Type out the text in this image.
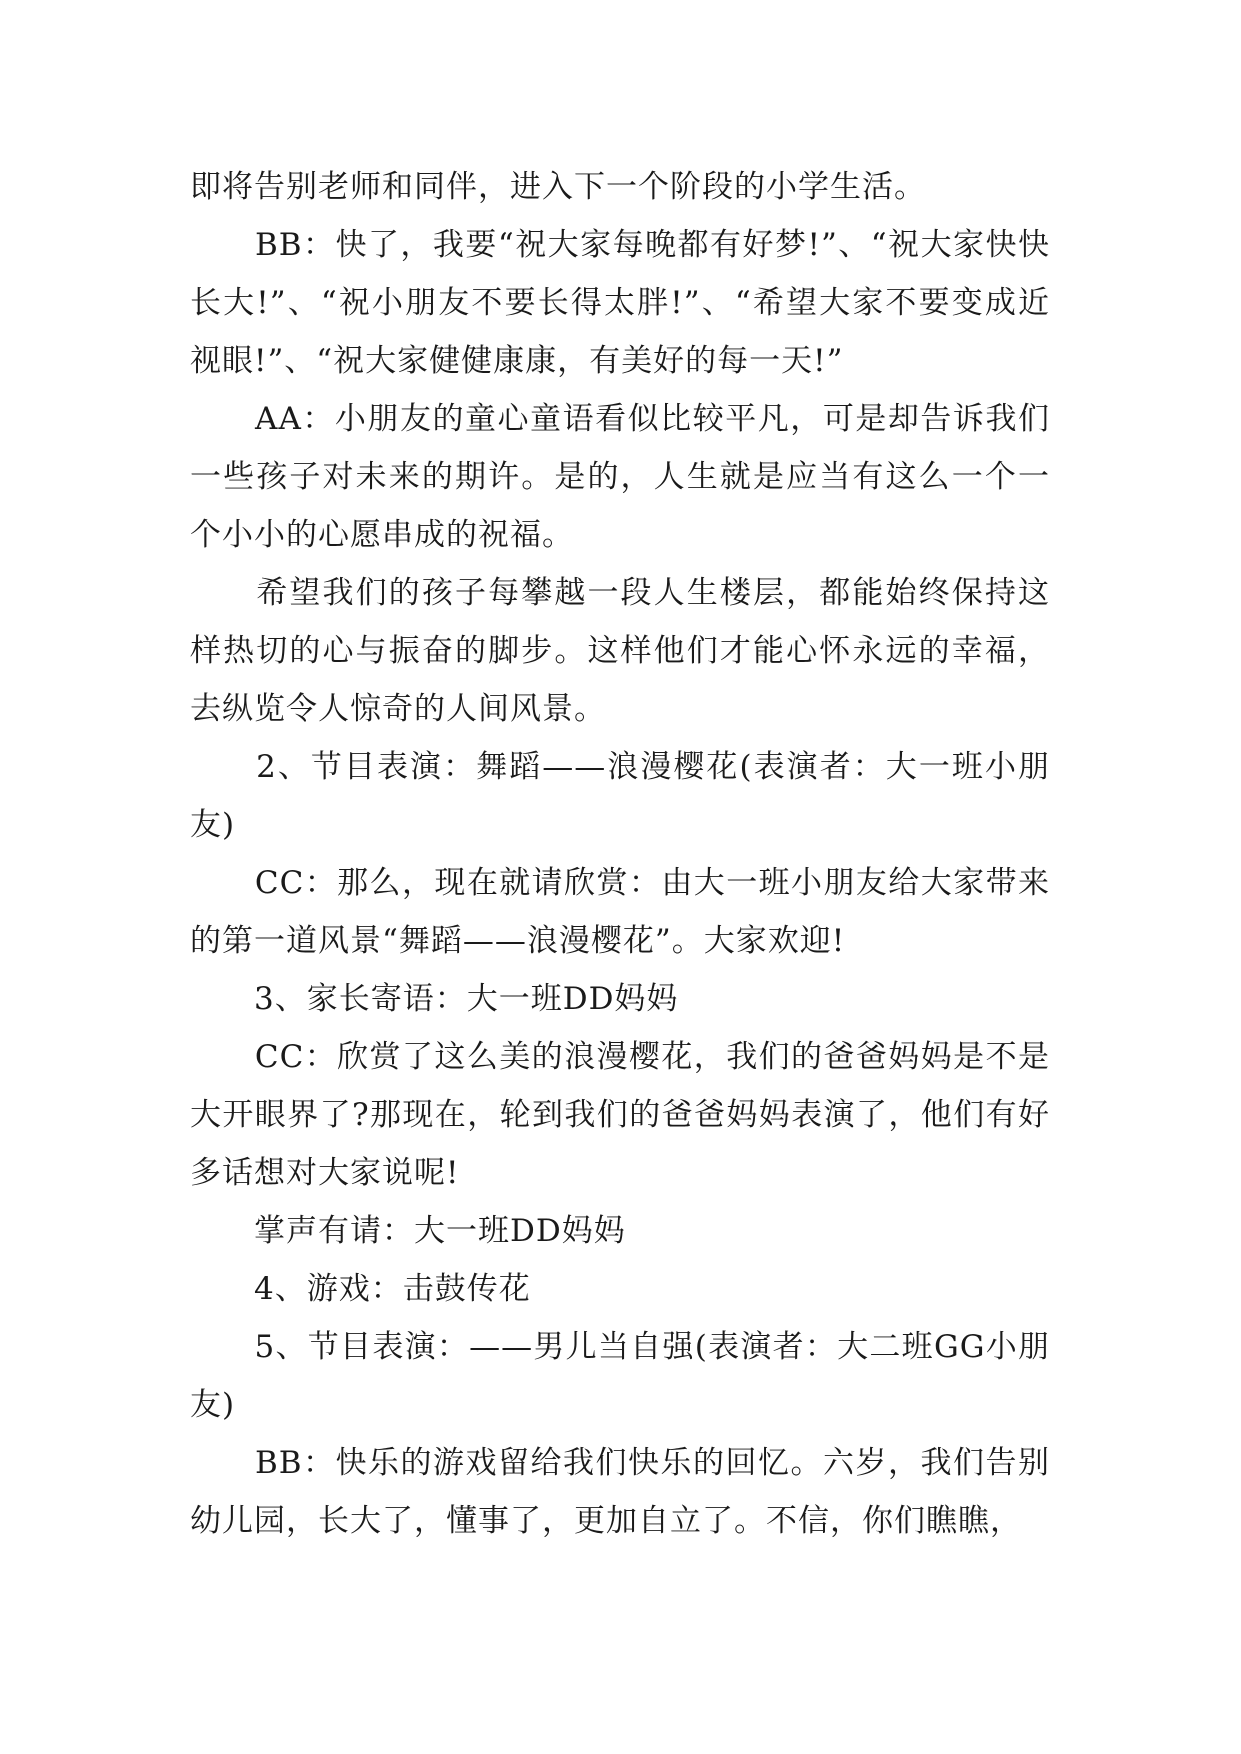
即将告别老师和同伴，进入下一个阶段的小学生活。

　　BB：快了，我要“祝大家每晚都有好梦!”、“祝大家快快长大!”、“祝小朋友不要长得太胖!”、“希望大家不要变成近视眼!”、“祝大家健健康康，有美好的每一天!”

　　AA：小朋友的童心童语看似比较平凡，可是却告诉我们一些孩子对未来的期许。是的，人生就是应当有这么一个一个小小的心愿串成的祝福。

　　希望我们的孩子每攀越一段人生楼层，都能始终保持这样热切的心与振奋的脚步。这样他们才能心怀永远的幸福，去纵览令人惊奇的人间风景。

　　2、节目表演：舞蹈——浪漫樱花(表演者：大一班小朋友)

　　CC：那么，现在就请欣赏：由大一班小朋友给大家带来的第一道风景“舞蹈——浪漫樱花”。大家欢迎!

　　3、家长寄语：大一班DD妈妈

　　CC：欣赏了这么美的浪漫樱花，我们的爸爸妈妈是不是大开眼界了?那现在，轮到我们的爸爸妈妈表演了，他们有好多话想对大家说呢!

　　掌声有请：大一班DD妈妈

　　4、游戏：击鼓传花

　　5、节目表演：——男儿当自强(表演者：大二班GG小朋友)

　　BB：快乐的游戏留给我们快乐的回忆。六岁，我们告别幼儿园，长大了，懂事了，更加自立了。不信，你们瞧瞧，
